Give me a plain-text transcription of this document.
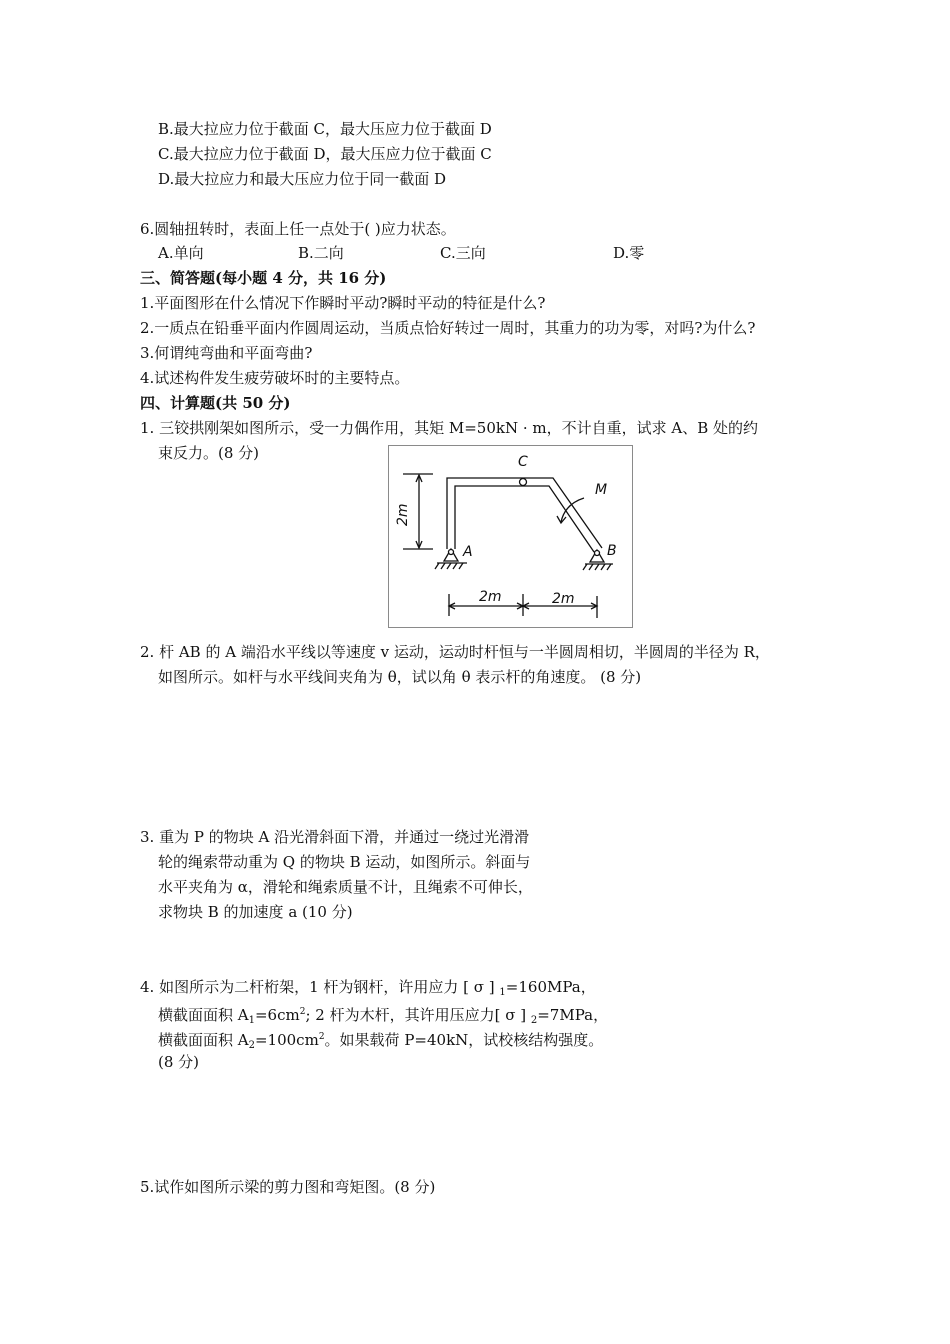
B.最大拉应力位于截面 C，最大压应力位于截面 D
C.最大拉应力位于截面 D，最大压应力位于截面 C
D.最大拉应力和最大压应力位于同一截面 D
6.圆轴扭转时，表面上任一点处于( )应力状态。
A.单向	B.二向	C.三向	D.零
三、简答题(每小题 4 分，共 16 分)
1.平面图形在什么情况下作瞬时平动?瞬时平动的特征是什么?
2.一质点在铅垂平面内作圆周运动，当质点恰好转过一周时，其重力的功为零，对吗?为什么?
3.何谓纯弯曲和平面弯曲?
4.试述构件发生疲劳破坏时的主要特点。
四、计算题(共 50 分)
1. 三铰拱刚架如图所示，受一力偶作用，其矩 M=50kN · m，不计自重，试求 A、B 处的约
束反力。(8 分)	C
M
A	B
2m
2m	2m
2. 杆 AB 的 A 端沿水平线以等速度 v 运动，运动时杆恒与一半圆周相切，半圆周的半径为 R，
如图所示。如杆与水平线间夹角为 θ，试以角 θ 表示杆的角速度。 (8 分)
3. 重为 P 的物块 A 沿光滑斜面下滑，并通过一绕过光滑滑
轮的绳索带动重为 Q 的物块 B 运动，如图所示。斜面与
水平夹角为 α，滑轮和绳索质量不计，且绳索不可伸长，
求物块 B 的加速度 a (10 分)
4. 如图所示为二杆桁架，1 杆为钢杆，许用应力 [ σ ] $_1$=160MPa，
横截面面积 $A_1=6cm^2$; 2 杆为木杆，其许用压应力[ σ ] $_2$=7MPa，
横截面面积 $A_2=100cm^2$。如果载荷 P=40kN，试校核结构强度。
(8 分)
5.试作如图所示梁的剪力图和弯矩图。(8 分)
